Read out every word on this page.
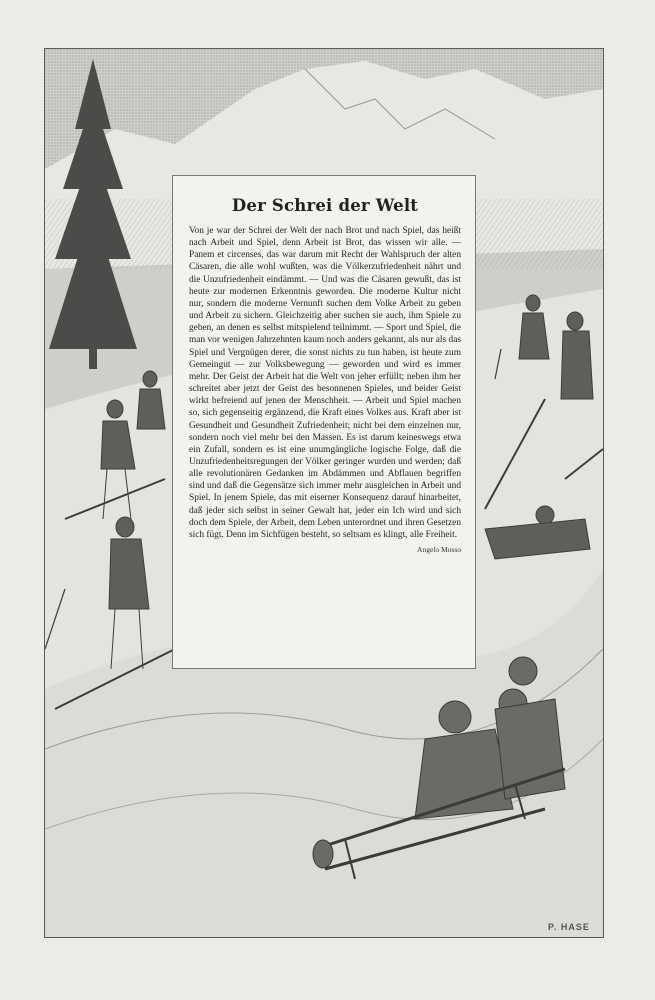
Der Schrei der Welt

Von je war der Schrei der Welt der nach Brot und nach Spiel, das heißt nach Arbeit und Spiel, denn Arbeit ist Brot, das wissen wir alle. — Panem et circenses, das war darum mit Recht der Wahlspruch der alten Cäsaren, die alle wohl wußten, was die Völkerzufriedenheit nährt und die Unzufriedenheit eindämmt. — Und was die Cäsaren gewußt, das ist heute zur modernen Erkenntnis geworden. Die moderne Kultur nicht nur, sondern die moderne Vernunft suchen dem Volke Arbeit zu geben und Arbeit zu sichern. Gleichzeitig aber suchen sie auch, ihm Spiele zu geben, an denen es selbst mitspielend teilnimmt. — Sport und Spiel, die man vor wenigen Jahrzehnten kaum noch anders gekannt, als nur als das Spiel und Vergnügen derer, die sonst nichts zu tun haben, ist heute zum Gemeingut — zur Volksbewegung — geworden und wird es immer mehr. Der Geist der Arbeit hat die Welt von jeher erfüllt; neben ihm her schreitet aber jetzt der Geist des besonnenen Spieles, und beider Geist wirkt befreiend auf jenen der Menschheit. — Arbeit und Spiel machen so, sich gegenseitig ergänzend, die Kraft eines Volkes aus. Kraft aber ist Gesundheit und Gesundheit Zufriedenheit; nicht bei dem einzelnen nur, sondern noch viel mehr bei den Massen. Es ist darum keineswegs etwa ein Zufall, sondern es ist eine unumgängliche logische Folge, daß die Unzufriedenheitsregungen der Völker geringer wurden und werden; daß alle revolutionären Gedanken im Abdämmen und Abflauen begriffen sind und daß die Gegensätze sich immer mehr ausgleichen in Arbeit und Spiel. In jenem Spiele, das mit eiserner Konsequenz darauf hinarbeitet, daß jeder sich selbst in seiner Gewalt hat, jeder ein Ich wird und sich doch dem Spiele, der Arbeit, dem Leben unterordnet und ihren Gesetzen sich fügt. Denn im Sichfügen besteht, so seltsam es klingt, alle Freiheit.

Angelo Mosso
P. HASE
